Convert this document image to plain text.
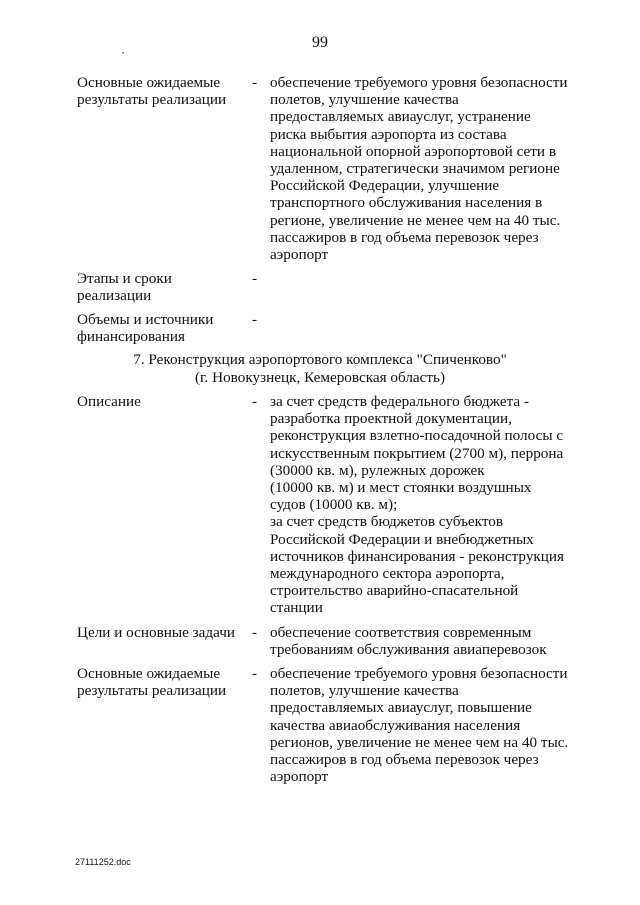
99
Основные ожидаемые
результаты реализации
- обеспечение требуемого уровня безопасности
полетов, улучшение качества
предоставляемых авиауслуг, устранение
риска выбытия аэропорта из состава
национальной опорной аэропортовой сети в
удаленном, стратегически значимом регионе
Российской Федерации, улучшение
транспортного обслуживания населения в
регионе, увеличение не менее чем на 40 тыс.
пассажиров в год объема перевозок через
аэропорт
Этапы и сроки
реализации
-
Объемы и источники
финансирования
-
7. Реконструкция аэропортового комплекса "Спиченково"
(г. Новокузнецк, Кемеровская область)
Описание	- за счет средств федерального бюджета -
разработка проектной документации,
реконструкция взлетно-посадочной полосы с
искусственным покрытием (2700 м), перрона
(30000 кв. м), рулежных дорожек
(10000 кв. м) и мест стоянки воздушных
судов (10000 кв. м);
за счет средств бюджетов субъектов
Российской Федерации и внебюджетных
источников финансирования - реконструкция
международного сектора аэропорта,
строительство аварийно-спасательной
станции
Цели и основные задачи	- обеспечение соответствия современным
требованиям обслуживания авиаперевозок
Основные ожидаемые
результаты реализации
- обеспечение требуемого уровня безопасности
полетов, улучшение качества
предоставляемых авиауслуг, повышение
качества авиаобслуживания населения
регионов, увеличение не менее чем на 40 тыс.
пассажиров в год объема перевозок через
аэропорт
27111252.doc
